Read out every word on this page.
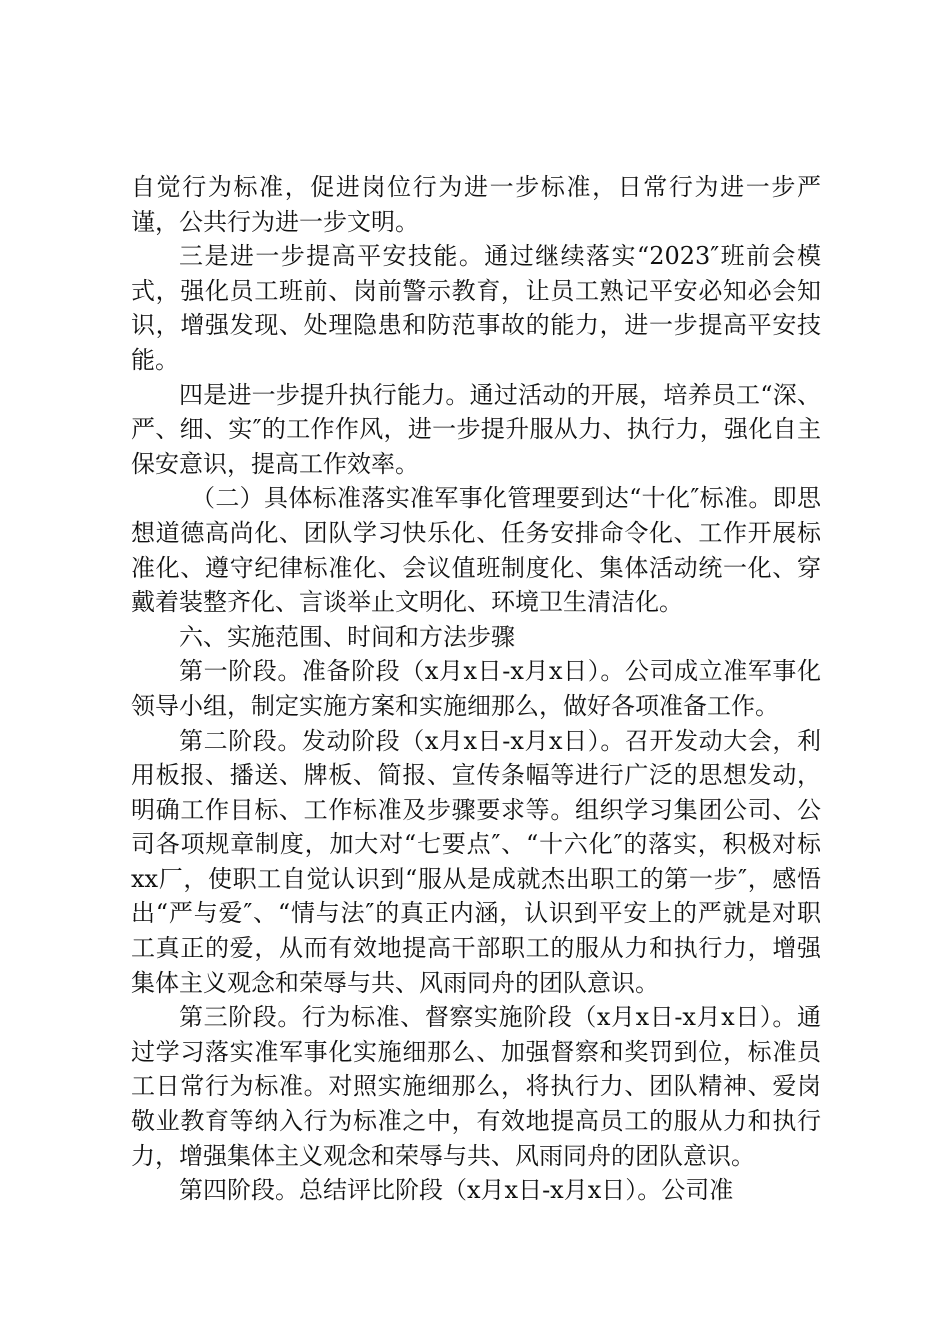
自觉行为标准，促进岗位行为进一步标准，日常行为进一步严谨，公共行为进一步文明。

三是进一步提高平安技能。通过继续落实“2023″班前会模式，强化员工班前、岗前警示教育，让员工熟记平安必知必会知识，增强发现、处理隐患和防范事故的能力，进一步提高平安技能。

四是进一步提升执行能力。通过活动的开展，培养员工“深、严、细、实″的工作作风，进一步提升服从力、执行力，强化自主保安意识，提高工作效率。

（二）具体标准落实准军事化管理要到达“十化″标准。即思想道德高尚化、团队学习快乐化、任务安排命令化、工作开展标准化、遵守纪律标准化、会议值班制度化、集体活动统一化、穿戴着装整齐化、言谈举止文明化、环境卫生清洁化。

六、实施范围、时间和方法步骤

第一阶段。准备阶段（x月x日-x月x日）。公司成立准军事化领导小组，制定实施方案和实施细那么，做好各项准备工作。

第二阶段。发动阶段（x月x日-x月x日）。召开发动大会，利用板报、播送、牌板、简报、宣传条幅等进行广泛的思想发动，明确工作目标、工作标准及步骤要求等。组织学习集团公司、公司各项规章制度，加大对“七要点″、“十六化″的落实，积极对标xx厂，使职工自觉认识到“服从是成就杰出职工的第一步″，感悟出“严与爱″、“情与法″的真正内涵，认识到平安上的严就是对职工真正的爱，从而有效地提高干部职工的服从力和执行力，增强集体主义观念和荣辱与共、风雨同舟的团队意识。

第三阶段。行为标准、督察实施阶段（x月x日-x月x日）。通过学习落实准军事化实施细那么、加强督察和奖罚到位，标准员工日常行为标准。对照实施细那么，将执行力、团队精神、爱岗敬业教育等纳入行为标准之中，有效地提高员工的服从力和执行力，增强集体主义观念和荣辱与共、风雨同舟的团队意识。

第四阶段。总结评比阶段（x月x日-x月x日）。公司准
